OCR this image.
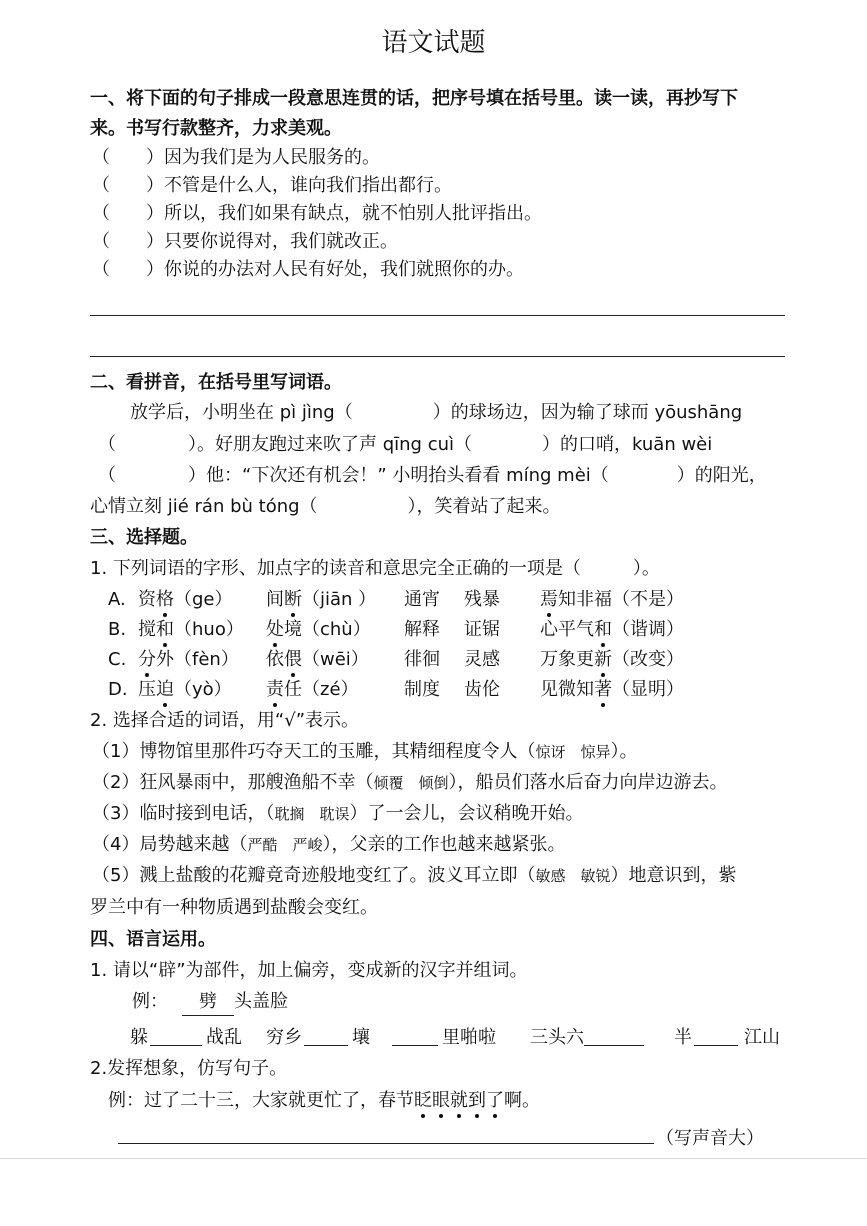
语文试题
一、将下面的句子排成一段意思连贯的话，把序号填在括号里。读一读，再抄写下
来。书写行款整齐，力求美观。
（　　）因为我们是为人民服务的。
（　　）不管是什么人，谁向我们指出都行。
（　　）所以，我们如果有缺点，就不怕别人批评指出。
（　　）只要你说得对，我们就改正。
（　　）你说的办法对人民有好处，我们就照你的办。
二、看拼音，在括号里写词语。
放学后，小明坐在 pì jìng（	）的球场边，因为输了球而 yōushāng
（	）。好朋友跑过来吹了声 qīng cuì（	）的口哨，kuān wèi
（	）他：“下次还有机会！” 小明抬头看看 míng mèi（	）的阳光，
心情立刻 jié rán bù tóng（	），笑着站了起来。
三、选择题。
1. 下列词语的字形、加点字的读音和意思完全正确的一项是（	）。
A. 资格（ge） 间断（jiān ） 通宵 残暴 焉知非福（不是）
B. 搅和（huo） 处境（chù） 解释 证锯 心平气和（谐调）
C. 分外（fèn） 依偎（wēi） 徘徊 灵感 万象更新（改变）
D. 压迫（yò） 责任（zé）	制度 齿伦 见微知著（显明）
2. 选择合适的词语，用“√”表示。
（1）博物馆里那件巧夺天工的玉雕，其精细程度令人（惊讶　惊异）。
（2）狂风暴雨中，那艘渔船不幸（倾覆　倾倒），船员们落水后奋力向岸边游去。
（3）临时接到电话，（耽搁　耽误）了一会儿，会议稍晚开始。
（4）局势越来越（严酷　严峻），父亲的工作也越来越紧张。
（5）溅上盐酸的花瓣竟奇迹般地变红了。波义耳立即（敏感　敏锐）地意识到，紫
罗兰中有一种物质遇到盐酸会变红。
四、语言运用。
1. 请以“辟”为部件，加上偏旁，变成新的汉字并组词。
例： 劈 头盖脸
躲	战乱 穷乡	壤	里啪啦 三头六	半	江山
2.发挥想象，仿写句子。
例：过了二十三，大家就更忙了，春节眨眼就到了啊。
（写声音大）
